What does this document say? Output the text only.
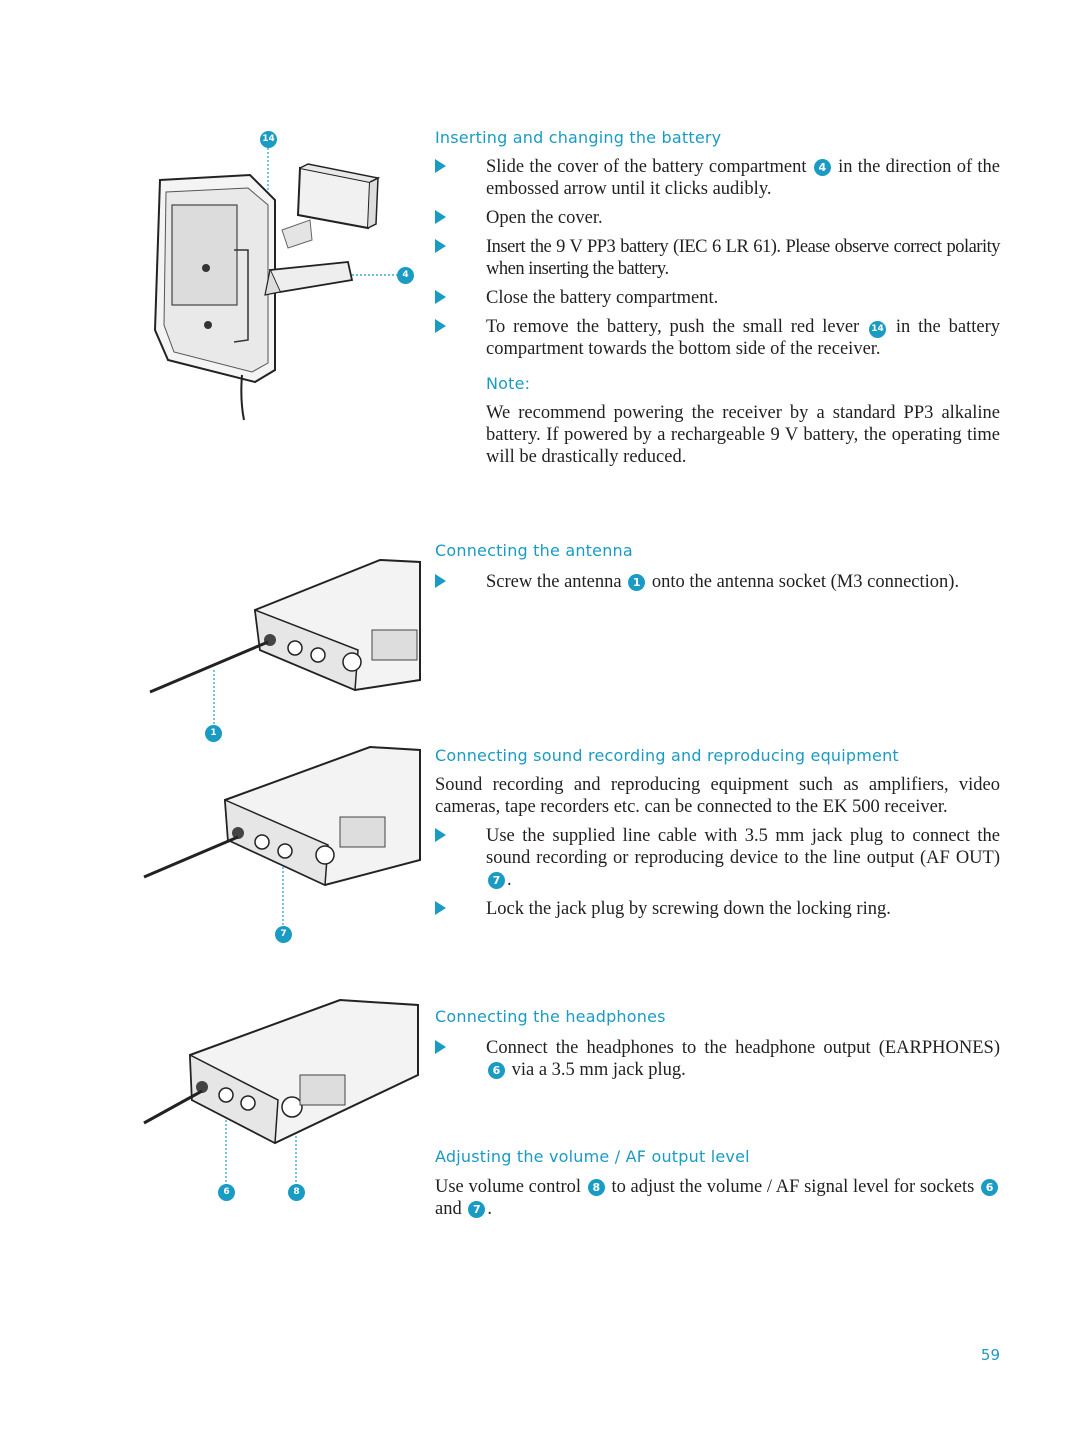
14
4
1
7
6	8
Inserting and changing the battery
Slide the cover of the battery compartment 4 in the direction of the embossed arrow until it clicks audibly.
Open the cover.
Insert the 9 V PP3 battery (IEC 6 LR 61). Please observe correct polarity when inserting the battery.
Close the battery compartment.
To remove the battery, push the small red lever 14 in the battery compartment towards the bottom side of the receiver.
Note:
We recommend powering the receiver by a standard PP3 alkaline battery. If powered by a rechargeable 9 V battery, the operating time will be drastically reduced.
Connecting the antenna
Screw the antenna 1 onto the antenna socket (M3 connection).
Connecting sound recording and reproducing equipment
Sound recording and reproducing equipment such as amplifiers, video cameras, tape recorders etc. can be connected to the EK 500 receiver.
Use the supplied line cable with 3.5 mm jack plug to connect the sound recording or reproducing device to the line output (AF OUT) 7 .
Lock the jack plug by screwing down the locking ring.
Connecting the headphones
Connect the headphones to the headphone output (EARPHONES) 6 via a 3.5 mm jack plug.
Adjusting the volume / AF output level
Use volume control 8 to adjust the volume / AF signal level for sockets 6 and 7 .
59
